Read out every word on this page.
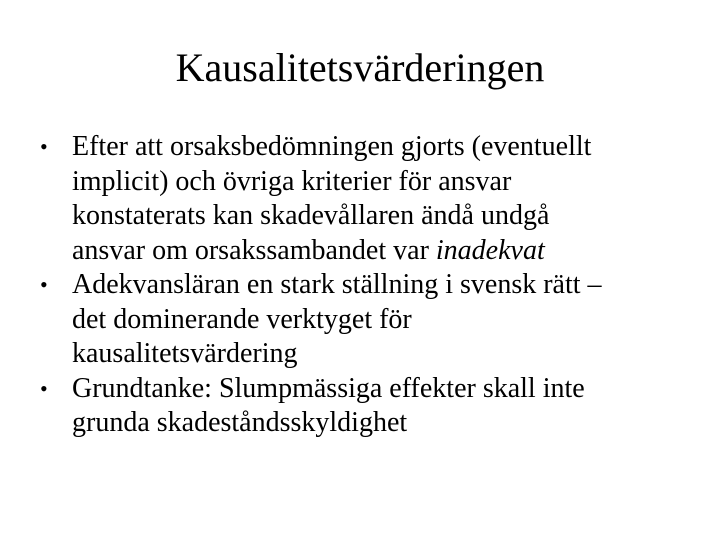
Kausalitetsvärderingen
• Efter att orsaksbedömningen gjorts (eventuellt
implicit) och övriga kriterier för ansvar
konstaterats kan skadevållaren ändå undgå
ansvar om orsakssambandet var inadekvat
• Adekvansläran en stark ställning i svensk rätt –
det dominerande verktyget för
kausalitetsvärdering
• Grundtanke: Slumpmässiga effekter skall inte
grunda skadeståndsskyldighet
